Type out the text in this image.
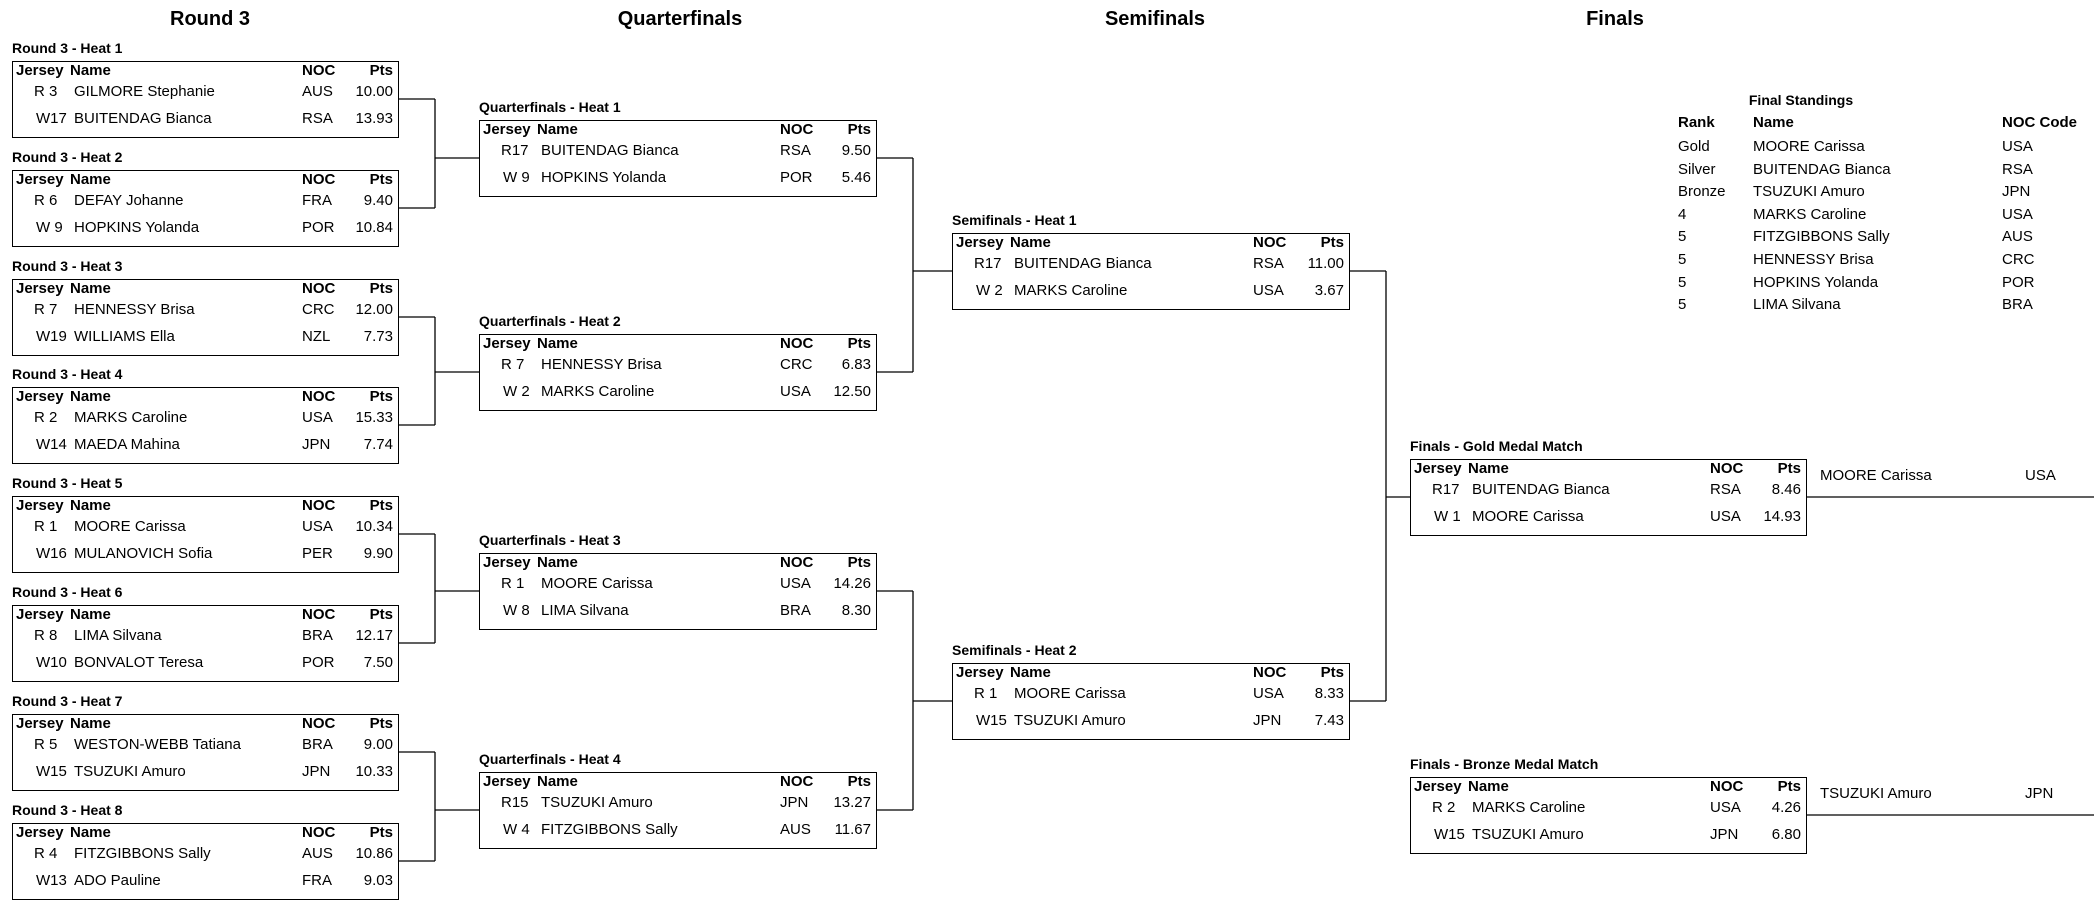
Round 3	Quarterfinals	Semifinals	Finals
Round 3 - Heat 1
Jersey Name	NOC	Pts
R 3 GILMORE Stephanie	AUS	10.00
W17 BUITENDAG Bianca	RSA	13.93
Round 3 - Heat 2
Jersey Name	NOC	Pts
R 6 DEFAY Johanne	FRA	9.40
W 9 HOPKINS Yolanda	POR	10.84
Round 3 - Heat 3
Jersey Name	NOC	Pts
R 7 HENNESSY Brisa	CRC	12.00
W19 WILLIAMS Ella	NZL	7.73
Round 3 - Heat 4
Jersey Name	NOC	Pts
R 2 MARKS Caroline	USA	15.33
W14 MAEDA Mahina	JPN	7.74
Round 3 - Heat 5
Jersey Name	NOC	Pts
R 1 MOORE Carissa	USA	10.34
W16 MULANOVICH Sofia	PER	9.90
Round 3 - Heat 6
Jersey Name	NOC	Pts
R 8 LIMA Silvana	BRA	12.17
W10 BONVALOT Teresa	POR	7.50
Round 3 - Heat 7
Jersey Name	NOC	Pts
R 5 WESTON-WEBB Tatiana	BRA	9.00
W15 TSUZUKI Amuro	JPN	10.33
Round 3 - Heat 8
Jersey Name	NOC	Pts
R 4 FITZGIBBONS Sally	AUS	10.86
W13 ADO Pauline	FRA	9.03
Quarterfinals - Heat 1
Jersey Name	NOC	Pts
R17 BUITENDAG Bianca	RSA	9.50
W 9 HOPKINS Yolanda	POR	5.46
Quarterfinals - Heat 2
Jersey Name	NOC	Pts
R 7 HENNESSY Brisa	CRC	6.83
W 2 MARKS Caroline	USA	12.50
Quarterfinals - Heat 3
Jersey Name	NOC	Pts
R 1 MOORE Carissa	USA	14.26
W 8 LIMA Silvana	BRA	8.30
Quarterfinals - Heat 4
Jersey Name	NOC	Pts
R15 TSUZUKI Amuro	JPN	13.27
W 4 FITZGIBBONS Sally	AUS	11.67
Semifinals - Heat 1
Jersey Name	NOC	Pts
R17 BUITENDAG Bianca	RSA	11.00
W 2 MARKS Caroline	USA	3.67
Semifinals - Heat 2
Jersey Name	NOC	Pts
R 1 MOORE Carissa	USA	8.33
W15 TSUZUKI Amuro	JPN	7.43
Finals - Gold Medal Match
Jersey Name	NOC	Pts
R17 BUITENDAG Bianca	RSA	8.46
W 1 MOORE Carissa	USA	14.93
Finals - Bronze Medal Match
Jersey Name	NOC	Pts
R 2 MARKS Caroline	USA	4.26
W15 TSUZUKI Amuro	JPN	6.80
MOORE Carissa	USA
TSUZUKI Amuro	JPN
Final Standings
Rank	Name	NOC Code
Gold	MOORE Carissa	USA
Silver BUITENDAG Bianca	RSA
Bronze TSUZUKI Amuro	JPN
4	MARKS Caroline	USA
5	FITZGIBBONS Sally	AUS
5	HENNESSY Brisa	CRC
5	HOPKINS Yolanda	POR
5	LIMA Silvana	BRA
